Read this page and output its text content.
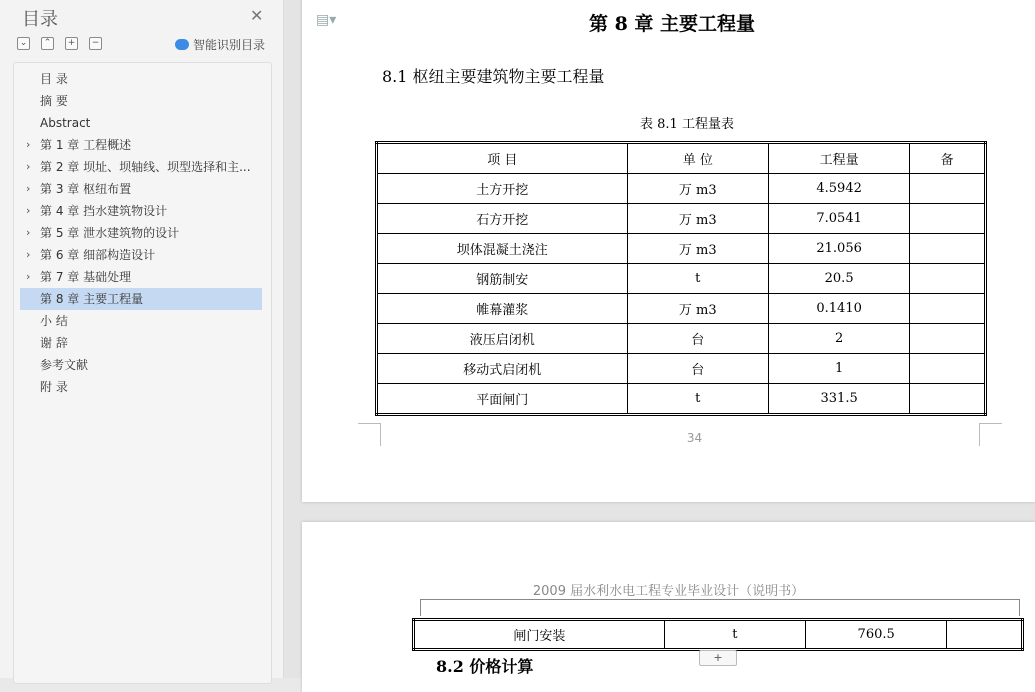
目录	✕
⌄	⌃	+	−	智能识别目录
目 录
摘 要
Abstract
› 第 1 章 工程概述
› 第 2 章 坝址、坝轴线、坝型选择和主...
› 第 3 章 枢纽布置
› 第 4 章 挡水建筑物设计
› 第 5 章 泄水建筑物的设计
› 第 6 章 细部构造设计
› 第 7 章 基础处理
第 8 章 主要工程量
小 结
谢 辞
参考文献
附 录
▤▾	第 8 章 主要工程量
8.1 枢纽主要建筑物主要工程量
表 8.1 工程量表
项 目	单 位	工程量	备
土方开挖	万 m3	4.5942	
石方开挖	万 m3	7.0541	
坝体混凝土浇注	万 m3	21.056	
钢筋制安	t	20.5	
帷幕灌浆	万 m3	0.1410	
液压启闭机	台	2	
移动式启闭机	台	1	
平面闸门	t	331.5	
34
2009 届水利水电工程专业毕业设计（说明书）
闸门安装	t	760.5	
+
8.2 价格计算
